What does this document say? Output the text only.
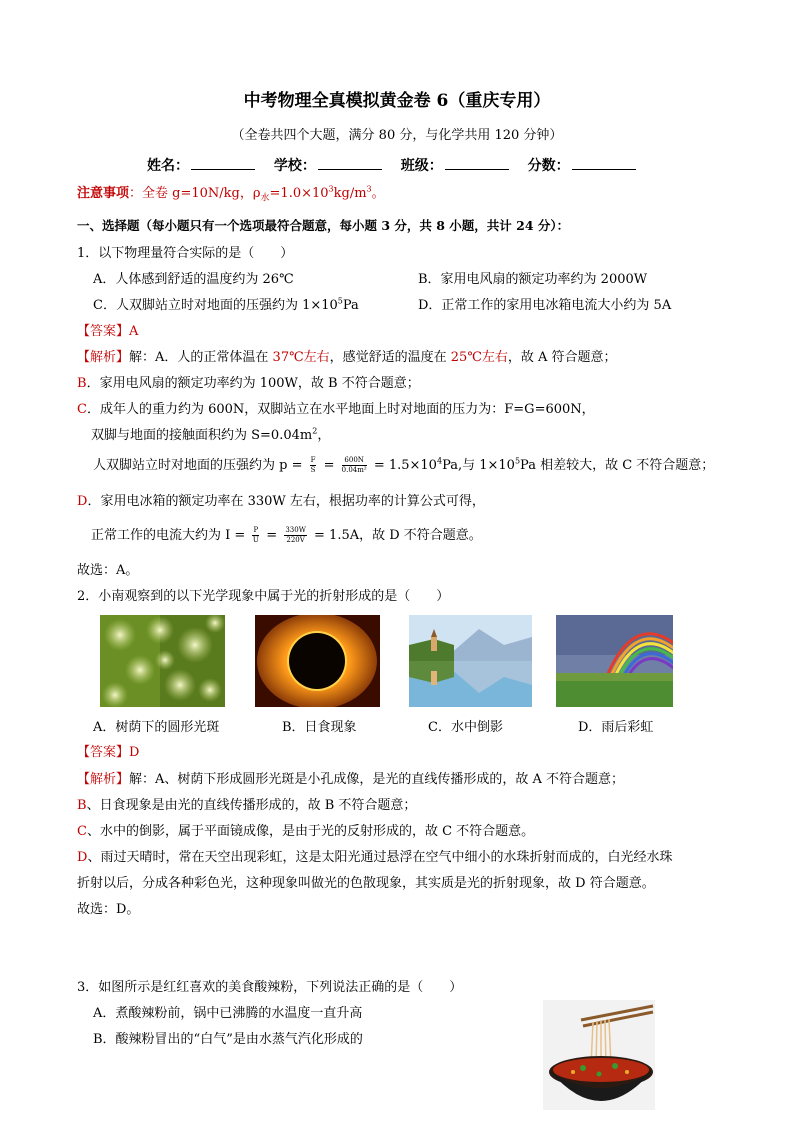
中考物理全真模拟黄金卷 6（重庆专用）
（全卷共四个大题，满分 80 分，与化学共用 120 分钟）
姓名：	学校：	班级：	分数：
注意事项：全卷 g=10N/kg，$\rho_水=1.0\times 10^3kg/m^3$。
一、选择题（每小题只有一个选项最符合题意，每小题 3 分，共 8 小题，共计 24 分）：
1．以下物理量符合实际的是（　　）
A．人体感到舒适的温度约为 26℃	B．家用电风扇的额定功率约为 2000W
C．人双脚站立时对地面的压强约为 $1\times 10^5Pa$	D．正常工作的家用电冰箱电流大小约为 5A
【答案】A
【解析】解：A．人的正常体温在 37℃左右，感觉舒适的温度在 25℃左右，故 A 符合题意；
B．家用电风扇的额定功率约为 100W，故 B 不符合题意；
C．成年人的重力约为 600N，双脚站立在水平地面上时对地面的压力为：F=G=600N，
双脚与地面的接触面积约为 $S=0.04m^2$，
人双脚站立时对地面的压强约为 $p = \frac{F}{S} = \frac{600N}{\text{0.04m²}} = 1.5\times 10^4Pa$,与 $1\times 10^5Pa$ 相差较大，故 C 不符合题意；
D．家用电冰箱的额定功率在 330W 左右，根据功率的计算公式可得，
正常工作的电流大约为 $I = \frac{P}{U} = \frac{330W}{220V} = 1.5A$，故 D 不符合题意。
故选：A。
2．小南观察到的以下光学现象中属于光的折射形成的是（　　）
A．树荫下的圆形光斑	B．日食现象	C．水中倒影	D．雨后彩虹
【答案】D
【解析】解：A、树荫下形成圆形光斑是小孔成像，是光的直线传播形成的，故 A 不符合题意；
B、日食现象是由光的直线传播形成的，故 B 不符合题意；
C、水中的倒影，属于平面镜成像，是由于光的反射形成的，故 C 不符合题意。
D、雨过天晴时，常在天空出现彩虹，这是太阳光通过悬浮在空气中细小的水珠折射而成的，白光经水珠
折射以后，分成各种彩色光，这种现象叫做光的色散现象，其实质是光的折射现象，故 D 符合题意。
故选：D。
3．如图所示是红红喜欢的美食酸辣粉，下列说法正确的是（　　）
A．煮酸辣粉前，锅中已沸腾的水温度一直升高
B．酸辣粉冒出的“白气”是由水蒸气汽化形成的
